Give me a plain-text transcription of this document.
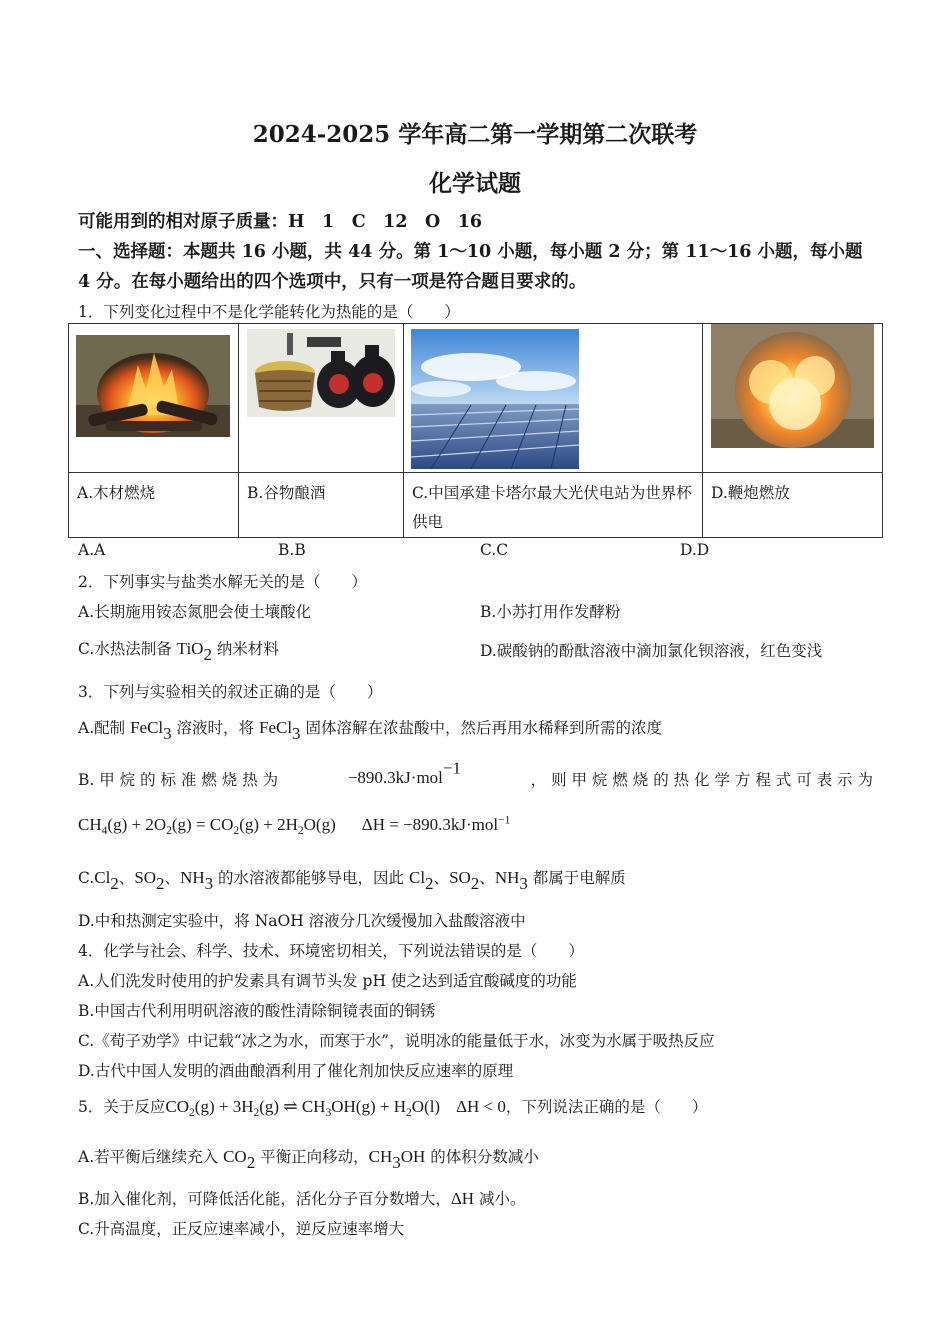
2024-2025 学年高二第一学期第二次联考
化学试题
可能用到的相对原子质量：H　1　C　12　O　16
一、选择题：本题共 16 小题，共 44 分。第 1～10 小题，每小题 2 分；第 11～16 小题，每小题
4 分。在每小题给出的四个选项中，只有一项是符合题目要求的。
1．下列变化过程中不是化学能转化为热能的是（　　）

A.木材燃烧	B.谷物酿酒	C.中国承建卡塔尔最大光伏电站为世界杯供电	D.鞭炮燃放
A.A	B.B	C.C	D.D
2．下列事实与盐类水解无关的是（　　）
A.长期施用铵态氮肥会使土壤酸化	B.小苏打用作发酵粉
C.水热法制备 TiO$_2$ 纳米材料	D.碳酸钠的酚酞溶液中滴加氯化钡溶液，红色变浅
3．下列与实验相关的叙述正确的是（　　）
A.配制 FeCl$_3$ 溶液时，将 FeCl$_3$ 固体溶解在浓盐酸中，然后再用水稀释到所需的浓度
B. 甲 烷 的 标 准 燃 烧 热 为	−890.3kJ·mol$^{-1}$
， 则 甲 烷 燃 烧 的 热 化 学 方 程 式 可 表 示 为
$CH_4(g) + 2O_2(g) = CO_2(g) + 2H_2O(g) \Delta H = -890.3kJ\cdot mol^{-1}$
$C.Cl_2$、$SO_2$、$NH_3$ 的水溶液都能够导电，因此 $Cl_2$、$SO_2$、$NH_3$ 都属于电解质
D.中和热测定实验中，将 NaOH 溶液分几次缓慢加入盐酸溶液中
4．化学与社会、科学、技术、环境密切相关，下列说法错误的是（　　）
A.人们洗发时使用的护发素具有调节头发 pH 使之达到适宜酸碱度的功能
B.中国古代利用明矾溶液的酸性清除铜镜表面的铜锈
C.《荀子劝学》中记载“冰之为水，而寒于水”，说明冰的能量低于水，冰变为水属于吸热反应
D.古代中国人发明的酒曲酿酒利用了催化剂加快反应速率的原理
5．关于反应$CO_2(g) + 3H_2(g)$ ⇌ $CH_3OH(g) + H_2O(l) \Delta H < 0$，下列说法正确的是（　　）
A.若平衡后继续充入 $CO_2$ 平衡正向移动，$CH_3OH$ 的体积分数减小
B.加入催化剂，可降低活化能，活化分子百分数增大，ΔH 减小。
C.升高温度，正反应速率减小，逆反应速率增大
